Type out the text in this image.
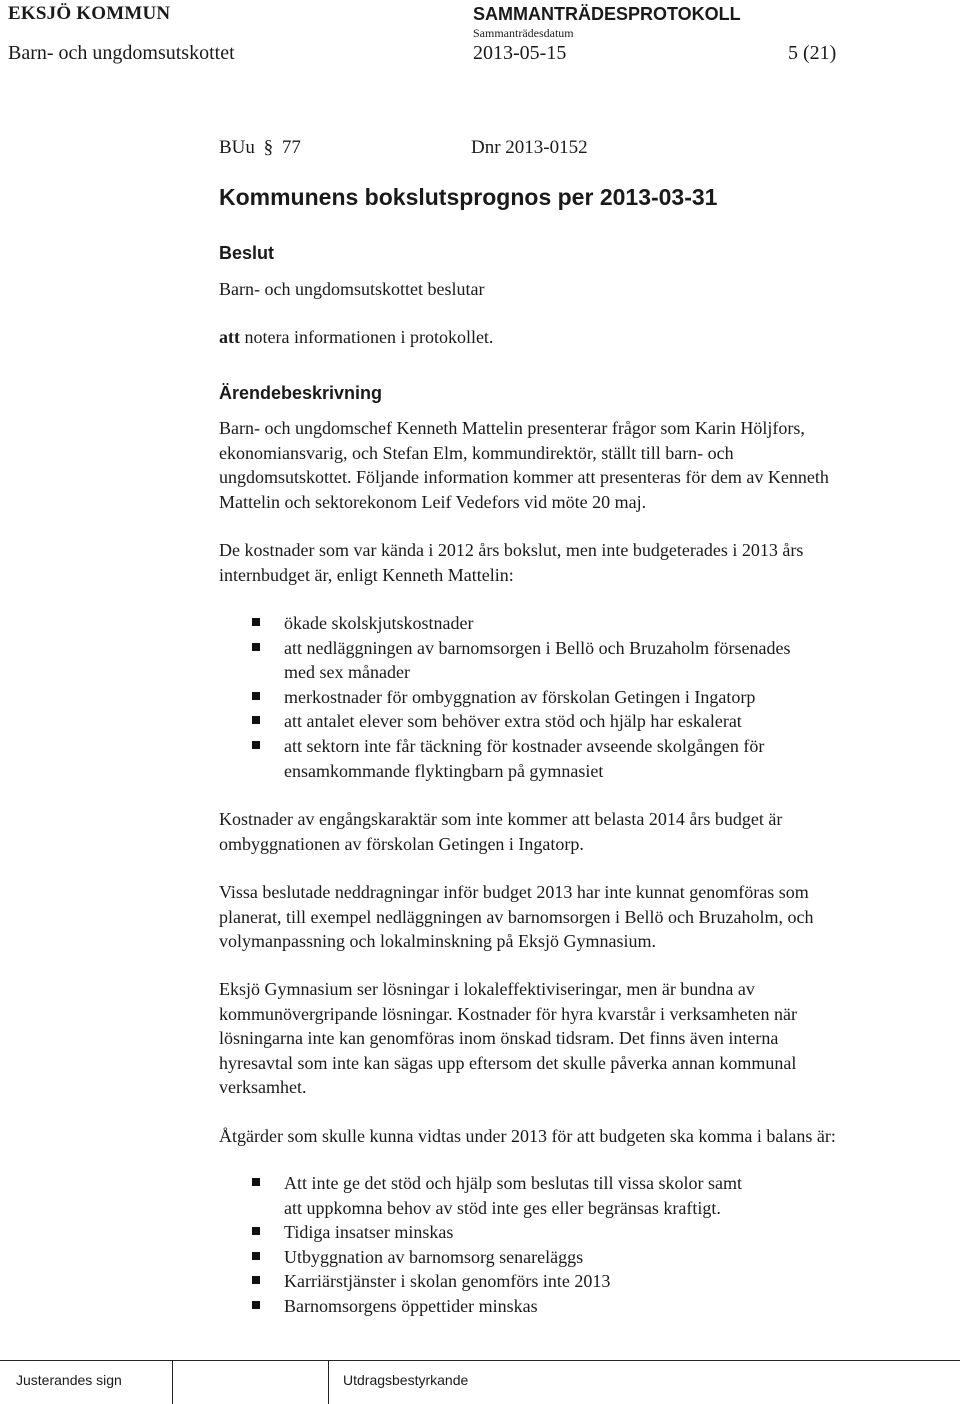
EKSJÖ KOMMUN	SAMMANTRÄDESPROTOKOLL
Sammanträdesdatum
Barn- och ungdomsutskottet	2013-05-15	5 (21)
BUu § 77	Dnr 2013-0152
Kommunens bokslutsprognos per 2013-03-31
Beslut
Barn- och ungdomsutskottet beslutar
att notera informationen i protokollet.
Ärendebeskrivning
Barn- och ungdomschef Kenneth Mattelin presenterar frågor som Karin Höljfors,
ekonomiansvarig, och Stefan Elm, kommundirektör, ställt till barn- och
ungdomsutskottet. Följande information kommer att presenteras för dem av Kenneth
Mattelin och sektorekonom Leif Vedefors vid möte 20 maj.
De kostnader som var kända i 2012 års bokslut, men inte budgeterades i 2013 års
internbudget är, enligt Kenneth Mattelin:
ökade skolskjutskostnader
att nedläggningen av barnomsorgen i Bellö och Bruzaholm försenades
med sex månader
merkostnader för ombyggnation av förskolan Getingen i Ingatorp
att antalet elever som behöver extra stöd och hjälp har eskalerat
att sektorn inte får täckning för kostnader avseende skolgången för
ensamkommande flyktingbarn på gymnasiet
Kostnader av engångskaraktär som inte kommer att belasta 2014 års budget är
ombyggnationen av förskolan Getingen i Ingatorp.
Vissa beslutade neddragningar inför budget 2013 har inte kunnat genomföras som
planerat, till exempel nedläggningen av barnomsorgen i Bellö och Bruzaholm, och
volymanpassning och lokalminskning på Eksjö Gymnasium.
Eksjö Gymnasium ser lösningar i lokaleffektiviseringar, men är bundna av
kommunövergripande lösningar. Kostnader för hyra kvarstår i verksamheten när
lösningarna inte kan genomföras inom önskad tidsram. Det finns även interna
hyresavtal som inte kan sägas upp eftersom det skulle påverka annan kommunal
verksamhet.
Åtgärder som skulle kunna vidtas under 2013 för att budgeten ska komma i balans är:
Att inte ge det stöd och hjälp som beslutas till vissa skolor samt
att uppkomna behov av stöd inte ges eller begränsas kraftigt.
Tidiga insatser minskas
Utbyggnation av barnomsorg senareläggs
Karriärstjänster i skolan genomförs inte 2013
Barnomsorgens öppettider minskas
Justerandes sign	Utdragsbestyrkande
